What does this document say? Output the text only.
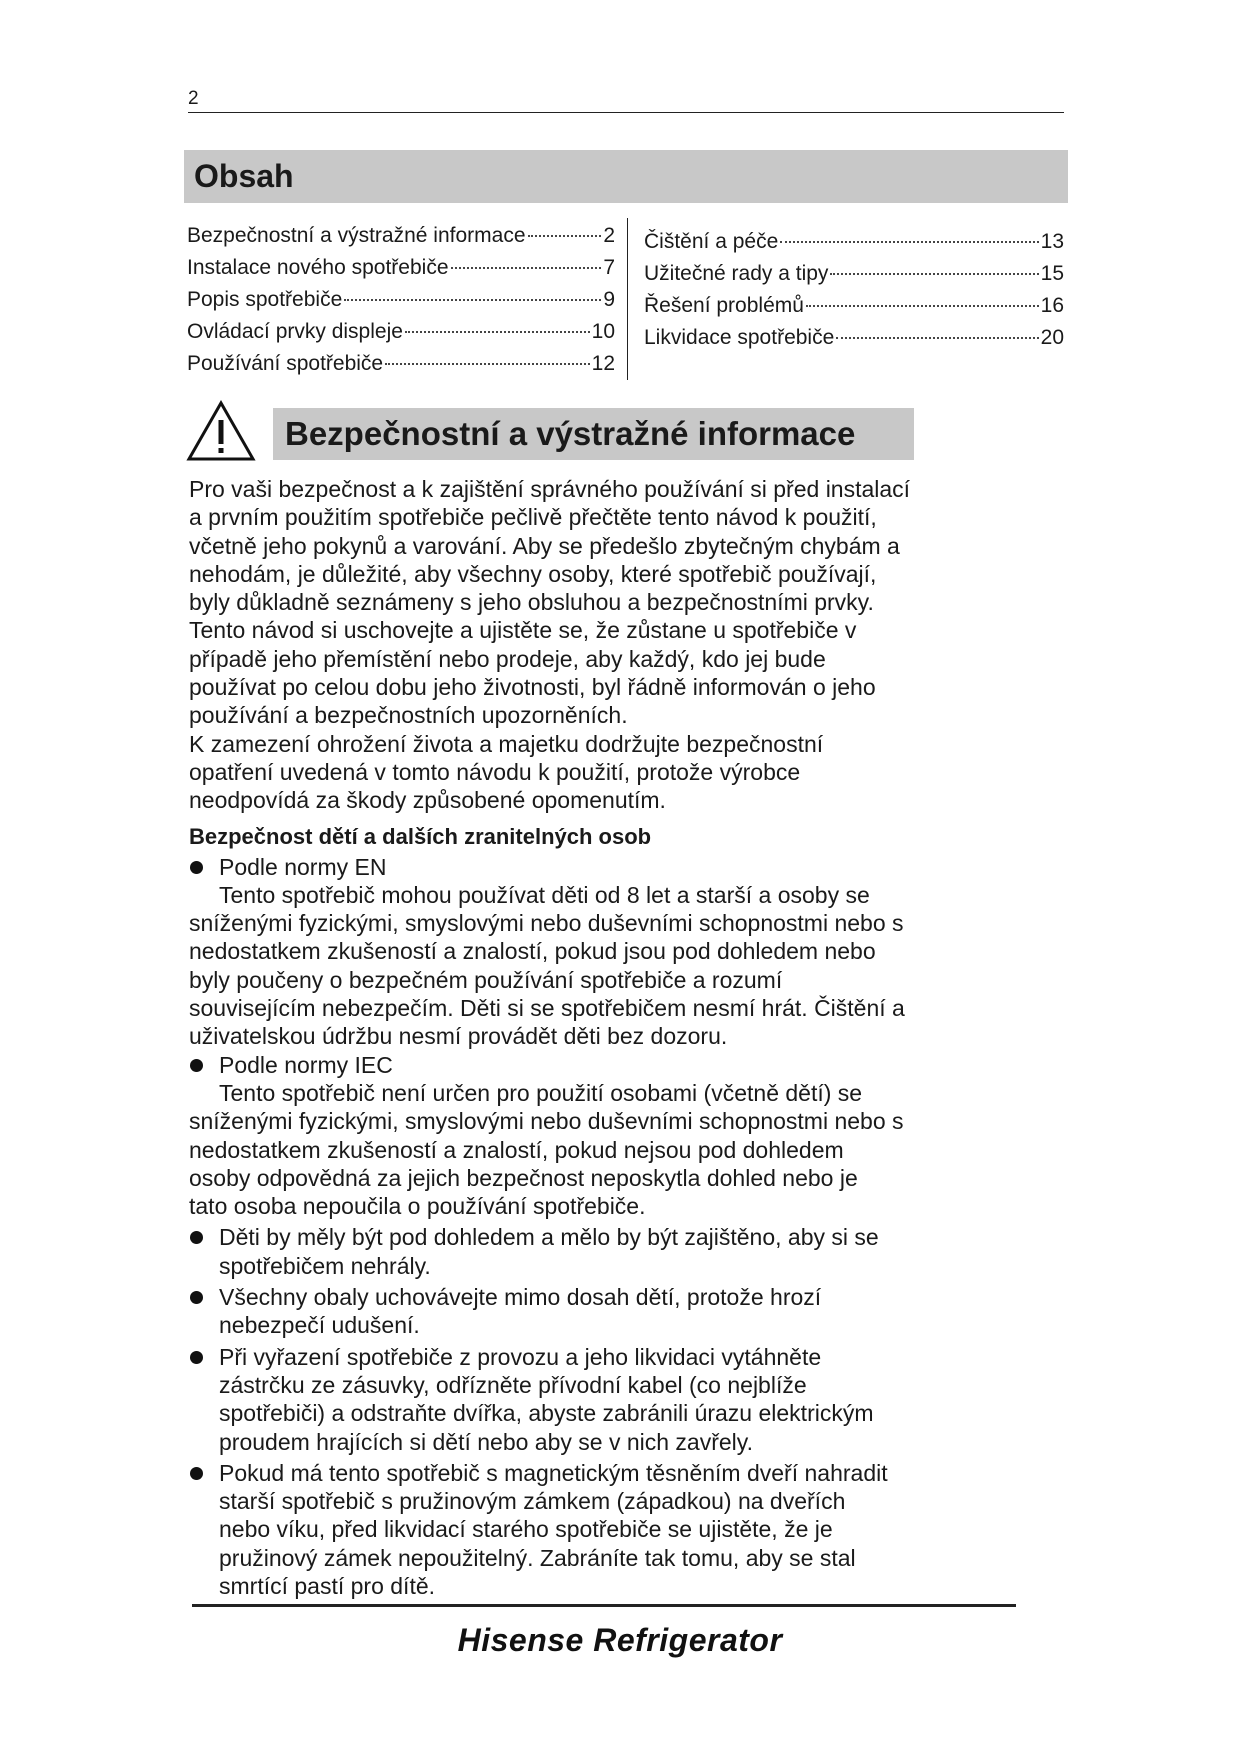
2
Obsah
Bezpečnostní a výstražné informace	2
Instalace nového spotřebiče	7
Popis spotřebiče	9
Ovládací prvky displeje	10
Používání spotřebiče	12
Čištění a péče	13
Užitečné rady a tipy	15
Řešení problémů	16
Likvidace spotřebiče	20
Bezpečnostní a výstražné informace

Pro vaši bezpečnost a k zajištění správného používání si před instalací

a prvním použitím spotřebiče pečlivě přečtěte tento návod k použití,

včetně jeho pokynů a varování. Aby se předešlo zbytečným chybám a

nehodám, je důležité, aby všechny osoby, které spotřebič používají,

byly důkladně seznámeny s jeho obsluhou a bezpečnostními prvky.

Tento návod si uschovejte a ujistěte se, že zůstane u spotřebiče v

případě jeho přemístění nebo prodeje, aby každý, kdo jej bude

používat po celou dobu jeho životnosti, byl řádně informován o jeho

používání a bezpečnostních upozorněních.

K zamezení ohrožení života a majetku dodržujte bezpečnostní

opatření uvedená v tomto návodu k použití, protože výrobce

neodpovídá za škody způsobené opomenutím.

Bezpečnost dětí a dalších zranitelných osob

Podle normy EN

Tento spotřebič mohou používat děti od 8 let a starší a osoby se

sníženými fyzickými, smyslovými nebo duševními schopnostmi nebo s

nedostatkem zkušeností a znalostí, pokud jsou pod dohledem nebo

byly poučeny o bezpečném používání spotřebiče a rozumí

souvisejícím nebezpečím. Děti si se spotřebičem nesmí hrát. Čištění a

uživatelskou údržbu nesmí provádět děti bez dozoru.

Podle normy IEC

Tento spotřebič není určen pro použití osobami (včetně dětí) se

sníženými fyzickými, smyslovými nebo duševními schopnostmi nebo s

nedostatkem zkušeností a znalostí, pokud nejsou pod dohledem

osoby odpovědná za jejich bezpečnost neposkytla dohled nebo je

tato osoba nepoučila o používání spotřebiče.

Děti by měly být pod dohledem a mělo by být zajištěno, aby si se

spotřebičem nehrály.

Všechny obaly uchovávejte mimo dosah dětí, protože hrozí

nebezpečí udušení.

Při vyřazení spotřebiče z provozu a jeho likvidaci vytáhněte

zástrčku ze zásuvky, odřízněte přívodní kabel (co nejblíže

spotřebiči) a odstraňte dvířka, abyste zabránili úrazu elektrickým

proudem hrajících si dětí nebo aby se v nich zavřely.

Pokud má tento spotřebič s magnetickým těsněním dveří nahradit

starší spotřebič s pružinovým zámkem (západkou) na dveřích

nebo víku, před likvidací starého spotřebiče se ujistěte, že je

pružinový zámek nepoužitelný. Zabráníte tak tomu, aby se stal

smrtící pastí pro dítě.

Hisense Refrigerator
